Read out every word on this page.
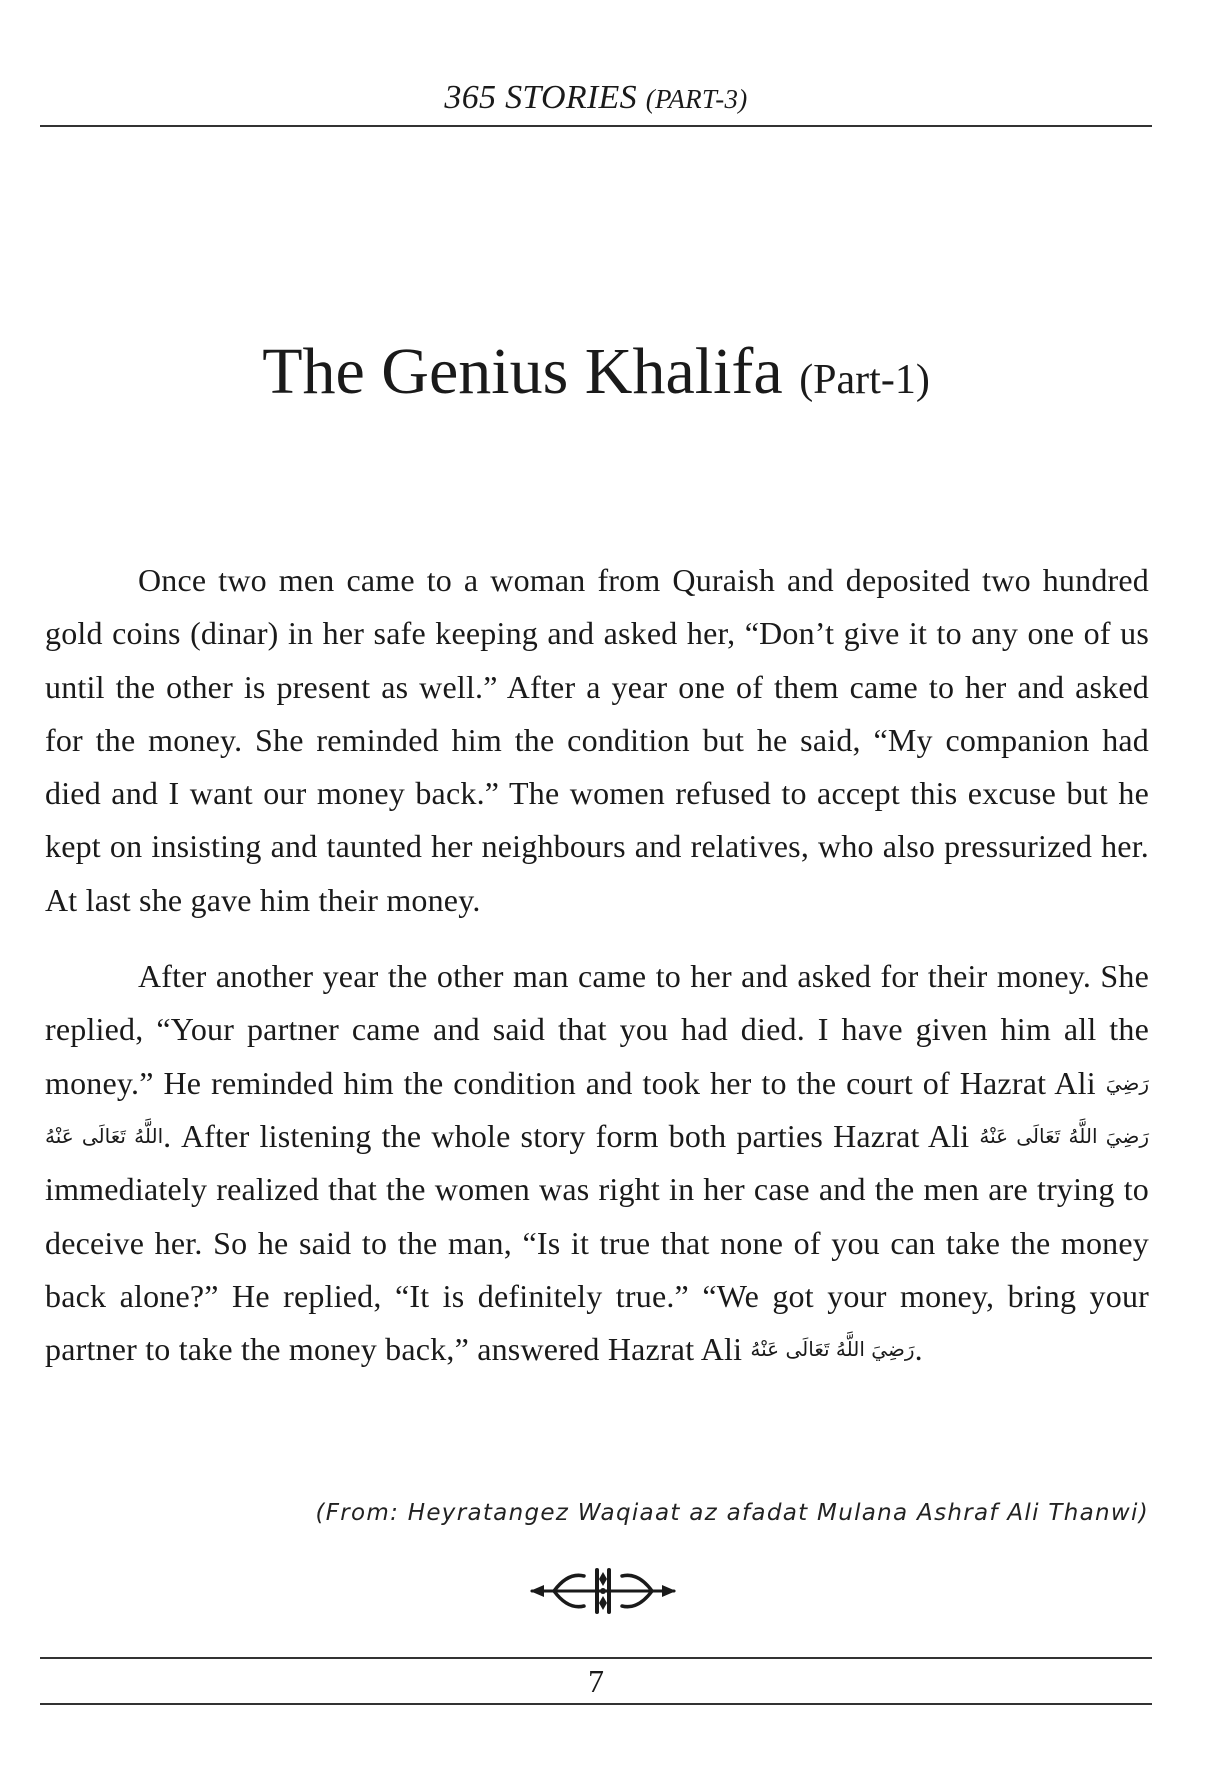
365 STORIES (PART-3)
The Genius Khalifa (Part-1)

Once two men came to a woman from Quraish and deposited two hundred gold coins (dinar) in her safe keeping and asked her, “Don’t give it to any one of us until the other is present as well.” After a year one of them came to her and asked for the money. She reminded him the condition but he said, “My companion had died and I want our money back.” The women refused to accept this excuse but he kept on insisting and taunted her neighbours and relatives, who also pressurized her. At last she gave him their money.

After another year the other man came to her and asked for their money. She replied, “Your partner came and said that you had died. I have given him all the money.” He reminded him the condition and took her to the court of Hazrat Ali رَضِيَ اللَّهُ تَعَالَى عَنْهُ. After listening the whole story form both parties Hazrat Ali رَضِيَ اللَّهُ تَعَالَى عَنْهُ immediately realized that the women was right in her case and the men are trying to deceive her. So he said to the man, “Is it true that none of you can take the money back alone?” He replied, “It is definitely true.” “We got your money, bring your partner to take the money back,” answered Hazrat Ali رَضِيَ اللَّهُ تَعَالَى عَنْهُ.

(From: Heyratangez Waqiaat az afadat Mulana Ashraf Ali Thanwi)
7
